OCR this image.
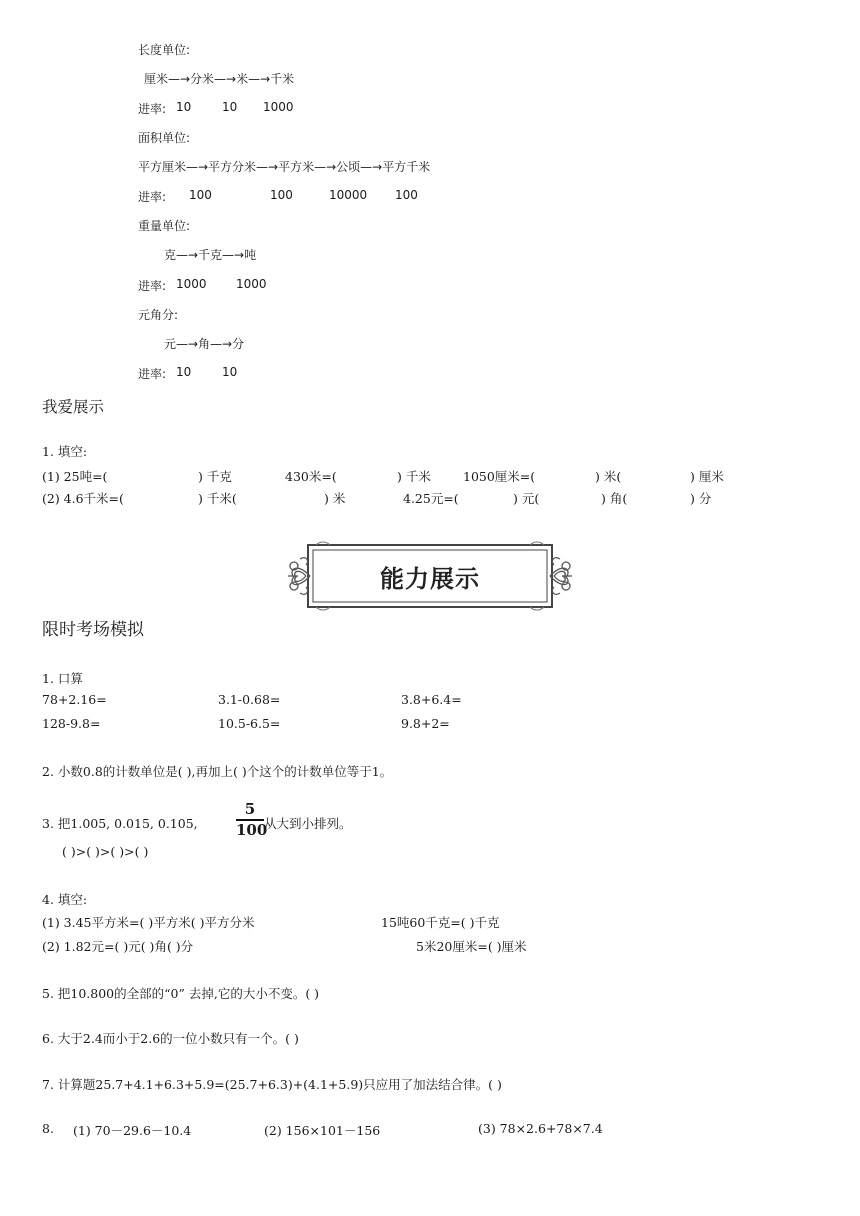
长度单位:
厘米—→分米—→米—→千米
进率: 10	10 1000
面积单位:
平方厘米—→平方分米—→平方米—→公顷—→平方千米
进率: 100	100	10000 100
重量单位:
克—→千克—→吨
进率: 1000 1000
元角分:
元—→角—→分
进率: 10	10
我爱展示
1. 填空:
(1) 25吨=(	) 千克	430米=(	) 千米	1050厘米=(	) 米(	) 厘米
(2) 4.6千米=(	) 千米(	) 米	4.25元=(	) 元(	) 角(	) 分
能力展示
限时考场模拟
1. 口算
78+2.16=	3.1-0.68=	3.8+6.4=
128-9.8=	10.5-6.5=	9.8+2=
2. 小数0.8的计数单位是( ),再加上( )个这个的计数单位等于1。
3. 把1.005, 0.015, 0.105,
5
100
从大到小排列。
( )>( )>( )>( )
4. 填空:
(1) 3.45平方米=( )平方米( )平方分米	15吨60千克=( )千克
(2) 1.82元=( )元( )角( )分	5米20厘米=( )厘米
5. 把10.800的全部的“0” 去掉,它的大小不变。( )
6. 大于2.4而小于2.6的一位小数只有一个。( )
7. 计算题25.7+4.1+6.3+5.9=(25.7+6.3)+(4.1+5.9)只应用了加法结合律。( )
8. (1) 70－29.6－10.4	(2) 156×101－156	(3) 78×2.6+78×7.4
